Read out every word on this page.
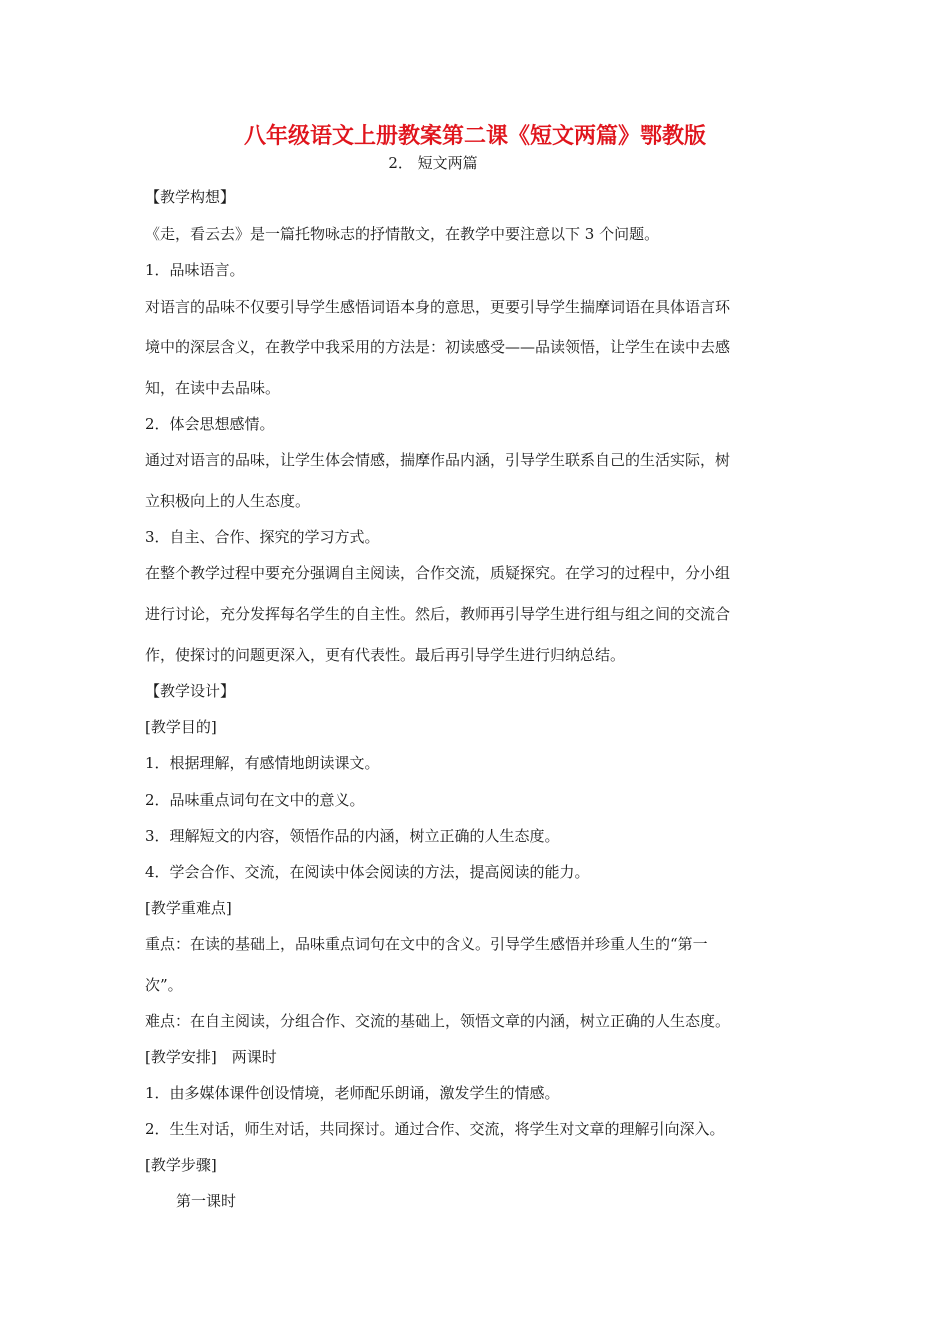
八年级语文上册教案第二课《短文两篇》鄂教版
2． 短文两篇
【教学构想】
《走，看云去》是一篇托物咏志的抒情散文，在教学中要注意以下 3 个问题。
1．品味语言。
对语言的品味不仅要引导学生感悟词语本身的意思，更要引导学生揣摩词语在具体语言环
境中的深层含义，在教学中我采用的方法是：初读感受——品读领悟，让学生在读中去感
知，在读中去品味。
2．体会思想感情。
通过对语言的品味，让学生体会情感，揣摩作品内涵，引导学生联系自己的生活实际，树
立积极向上的人生态度。
3．自主、合作、探究的学习方式。
在整个教学过程中要充分强调自主阅读，合作交流，质疑探究。在学习的过程中，分小组
进行讨论，充分发挥每名学生的自主性。然后，教师再引导学生进行组与组之间的交流合
作，使探讨的问题更深入，更有代表性。最后再引导学生进行归纳总结。
【教学设计】
[教学目的]
1．根据理解，有感情地朗读课文。
2．品味重点词句在文中的意义。
3．理解短文的内容，领悟作品的内涵，树立正确的人生态度。
4．学会合作、交流，在阅读中体会阅读的方法，提高阅读的能力。
[教学重难点]
重点：在读的基础上，品味重点词句在文中的含义。引导学生感悟并珍重人生的“第一
次”。
难点：在自主阅读，分组合作、交流的基础上，领悟文章的内涵，树立正确的人生态度。
[教学安排]　两课时
1．由多媒体课件创设情境，老师配乐朗诵，激发学生的情感。
2．生生对话，师生对话，共同探讨。通过合作、交流，将学生对文章的理解引向深入。
[教学步骤]
第一课时
